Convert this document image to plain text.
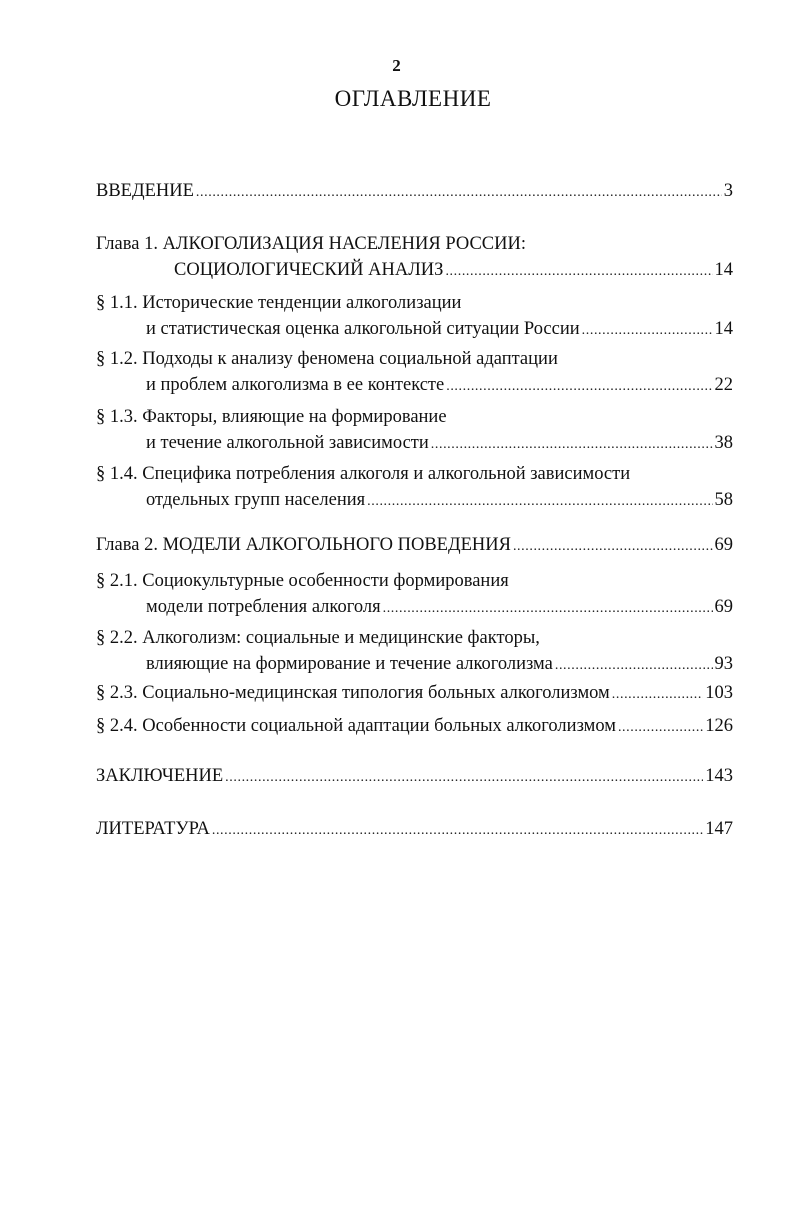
2
ОГЛАВЛЕНИЕ
ВВЕДЕНИЕ .....	3
Глава 1. АЛКОГОЛИЗАЦИЯ НАСЕЛЕНИЯ РОССИИ:
СОЦИОЛОГИЧЕСКИЙ АНАЛИЗ .....	14
§ 1.1. Исторические тенденции алкоголизации
и статистическая оценка алкогольной ситуации России .....	14
§ 1.2. Подходы к анализу феномена социальной адаптации
и проблем алкоголизма в ее контексте .....	22
§ 1.3. Факторы, влияющие на формирование
и течение алкогольной зависимости .....	38
§ 1.4. Специфика потребления алкоголя и алкогольной зависимости
отдельных групп населения .....	58
Глава 2. МОДЕЛИ АЛКОГОЛЬНОГО ПОВЕДЕНИЯ .....	69
§ 2.1. Социокультурные особенности формирования
модели потребления алкоголя .....	69
§ 2.2. Алкоголизм: социальные и медицинские факторы,
влияющие на формирование и течение алкоголизма .....	93
§ 2.3. Социально-медицинская типология больных алкоголизмом .....	103
§ 2.4. Особенности социальной адаптации больных алкоголизмом .....	126
ЗАКЛЮЧЕНИЕ .....	143
ЛИТЕРАТУРА .....	147
